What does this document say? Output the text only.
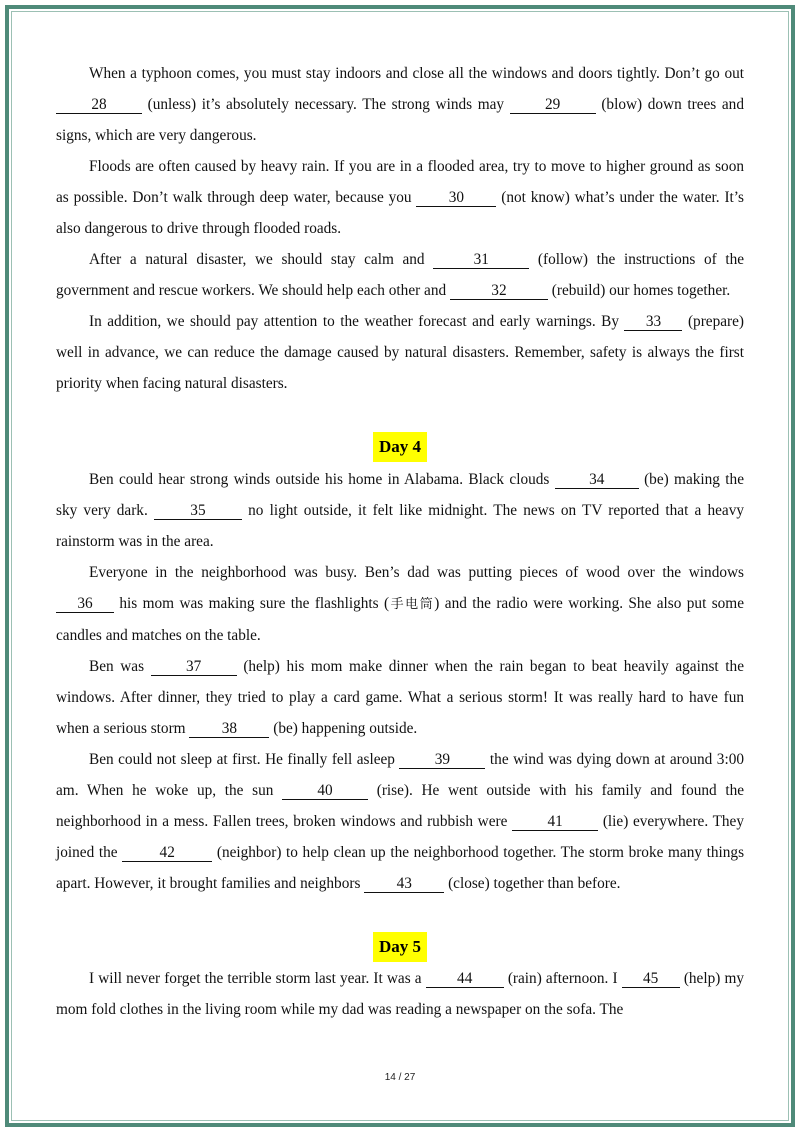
When a typhoon comes, you must stay indoors and close all the windows and doors tightly. Don’t go out 28	(unless) it’s absolutely necessary. The strong winds may	29	(blow) down trees and signs, which are very dangerous.

Floods are often caused by heavy rain. If you are in a flooded area, try to move to higher ground as soon as possible. Don’t walk through deep water, because you 30 (not know) what’s under the water. It’s also dangerous to drive through flooded roads.

After a natural disaster, we should stay calm and	31	(follow) the instructions of the government and rescue workers. We should help each other and	32	(rebuild) our homes together.

In addition, we should pay attention to the weather forecast and early warnings. By 33 (prepare) well in advance, we can reduce the damage caused by natural disasters. Remember, safety is always the first priority when facing natural disasters.

Day 4

Ben could hear strong winds outside his home in Alabama. Black clouds	34	(be) making the sky very dark.	35	no light outside, it felt like midnight. The news on TV reported that a heavy rainstorm was in the area.

Everyone in the neighborhood was busy. Ben’s dad was putting pieces of wood over the windows 36 his mom was making sure the flashlights (手电筒) and the radio were working. She also put some candles and matches on the table.

Ben was	37	(help) his mom make dinner when the rain began to beat heavily against the windows. After dinner, they tried to play a card game. What a serious storm! It was really hard to have fun when a serious storm 38 (be) happening outside.

Ben could not sleep at first. He finally fell asleep	39	the wind was dying down at around 3:00 am. When he woke up, the sun	40	(rise). He went outside with his family and found the neighborhood in a mess. Fallen trees, broken windows and rubbish were	41	(lie) everywhere. They joined the	42	(neighbor) to help clean up the neighborhood together. The storm broke many things apart. However, it brought families and neighbors 43 (close) together than before.

Day 5

I will never forget the terrible storm last year. It was a 44 (rain) afternoon. I 45 (help) my mom fold clothes in the living room while my dad was reading a newspaper on the sofa. The

14 / 27
